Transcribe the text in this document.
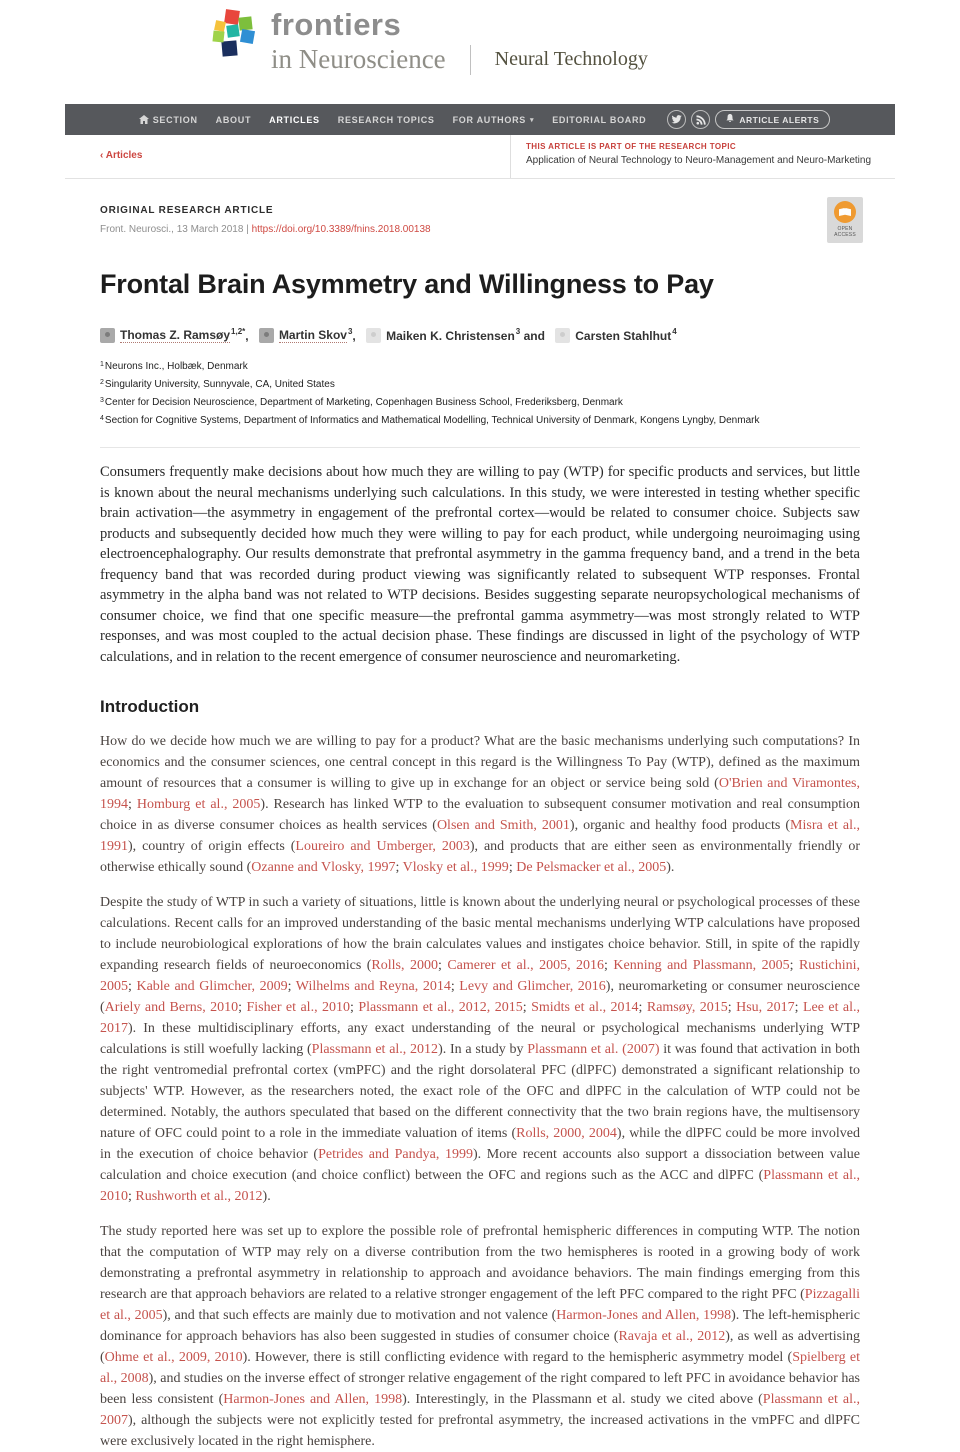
frontiers
in Neuroscience Neural Technology
SECTION ABOUT ARTICLES RESEARCH TOPICS FOR AUTHORS ▾ EDITORIAL BOARD	ARTICLE ALERTS
‹ Articles
THIS ARTICLE IS PART OF THE RESEARCH TOPIC
Application of Neural Technology to Neuro-Management and Neuro-Marketing
ORIGINAL RESEARCH ARTICLE
Front. Neurosci., 13 March 2018 | https://doi.org/10.3389/fnins.2018.00138	OPEN ACCESS
Frontal Brain Asymmetry and Willingness to Pay
Thomas Z. Ramsøy 1,2* , Martin Skov 3 , Maiken K. Christensen 3 and Carsten Stahlhut 4
$^1$Neurons Inc., Holbæk, Denmark
$^2$Singularity University, Sunnyvale, CA, United States
$^3$Center for Decision Neuroscience, Department of Marketing, Copenhagen Business School, Frederiksberg, Denmark
$^4$Section for Cognitive Systems, Department of Informatics and Mathematical Modelling, Technical University of Denmark, Kongens Lyngby, Denmark

Consumers frequently make decisions about how much they are willing to pay (WTP) for specific products and services, but little is known about the neural mechanisms underlying such calculations. In this study, we were interested in testing whether specific brain activation—the asymmetry in engagement of the prefrontal cortex—would be related to consumer choice. Subjects saw products and subsequently decided how much they were willing to pay for each product, while undergoing neuroimaging using electroencephalography. Our results demonstrate that prefrontal asymmetry in the gamma frequency band, and a trend in the beta frequency band that was recorded during product viewing was significantly related to subsequent WTP responses. Frontal asymmetry in the alpha band was not related to WTP decisions. Besides suggesting separate neuropsychological mechanisms of consumer choice, we find that one specific measure—the prefrontal gamma asymmetry—was most strongly related to WTP responses, and was most coupled to the actual decision phase. These findings are discussed in light of the psychology of WTP calculations, and in relation to the recent emergence of consumer neuroscience and neuromarketing.

Introduction

How do we decide how much we are willing to pay for a product? What are the basic mechanisms underlying such computations? In economics and the consumer sciences, one central concept in this regard is the Willingness To Pay (WTP), defined as the maximum amount of resources that a consumer is willing to give up in exchange for an object or service being sold (O'Brien and Viramontes, 1994; Homburg et al., 2005). Research has linked WTP to the evaluation to subsequent consumer motivation and real consumption choice in as diverse consumer choices as health services (Olsen and Smith, 2001), organic and healthy food products (Misra et al., 1991), country of origin effects (Loureiro and Umberger, 2003), and products that are either seen as environmentally friendly or otherwise ethically sound (Ozanne and Vlosky, 1997; Vlosky et al., 1999; De Pelsmacker et al., 2005).

Despite the study of WTP in such a variety of situations, little is known about the underlying neural or psychological processes of these calculations. Recent calls for an improved understanding of the basic mental mechanisms underlying WTP calculations have proposed to include neurobiological explorations of how the brain calculates values and instigates choice behavior. Still, in spite of the rapidly expanding research fields of neuroeconomics (Rolls, 2000; Camerer et al., 2005, 2016; Kenning and Plassmann, 2005; Rustichini, 2005; Kable and Glimcher, 2009; Wilhelms and Reyna, 2014; Levy and Glimcher, 2016), neuromarketing or consumer neuroscience (Ariely and Berns, 2010; Fisher et al., 2010; Plassmann et al., 2012, 2015; Smidts et al., 2014; Ramsøy, 2015; Hsu, 2017; Lee et al., 2017). In these multidisciplinary efforts, any exact understanding of the neural or psychological mechanisms underlying WTP calculations is still woefully lacking (Plassmann et al., 2012). In a study by Plassmann et al. (2007) it was found that activation in both the right ventromedial prefrontal cortex (vmPFC) and the right dorsolateral PFC (dlPFC) demonstrated a significant relationship to subjects' WTP. However, as the researchers noted, the exact role of the OFC and dlPFC in the calculation of WTP could not be determined. Notably, the authors speculated that based on the different connectivity that the two brain regions have, the multisensory nature of OFC could point to a role in the immediate valuation of items (Rolls, 2000, 2004), while the dlPFC could be more involved in the execution of choice behavior (Petrides and Pandya, 1999). More recent accounts also support a dissociation between value calculation and choice execution (and choice conflict) between the OFC and regions such as the ACC and dlPFC (Plassmann et al., 2010; Rushworth et al., 2012).

The study reported here was set up to explore the possible role of prefrontal hemispheric differences in computing WTP. The notion that the computation of WTP may rely on a diverse contribution from the two hemispheres is rooted in a growing body of work demonstrating a prefrontal asymmetry in relationship to approach and avoidance behaviors. The main findings emerging from this research are that approach behaviors are related to a relative stronger engagement of the left PFC compared to the right PFC (Pizzagalli et al., 2005), and that such effects are mainly due to motivation and not valence (Harmon-Jones and Allen, 1998). The left-hemispheric dominance for approach behaviors has also been suggested in studies of consumer choice (Ravaja et al., 2012), as well as advertising (Ohme et al., 2009, 2010). However, there is still conflicting evidence with regard to the hemispheric asymmetry model (Spielberg et al., 2008), and studies on the inverse effect of stronger relative engagement of the right compared to left PFC in avoidance behavior has been less consistent (Harmon-Jones and Allen, 1998). Interestingly, in the Plassmann et al. study we cited above (Plassmann et al., 2007), although the subjects were not explicitly tested for prefrontal asymmetry, the increased activations in the vmPFC and dlPFC were exclusively located in the right hemisphere.
